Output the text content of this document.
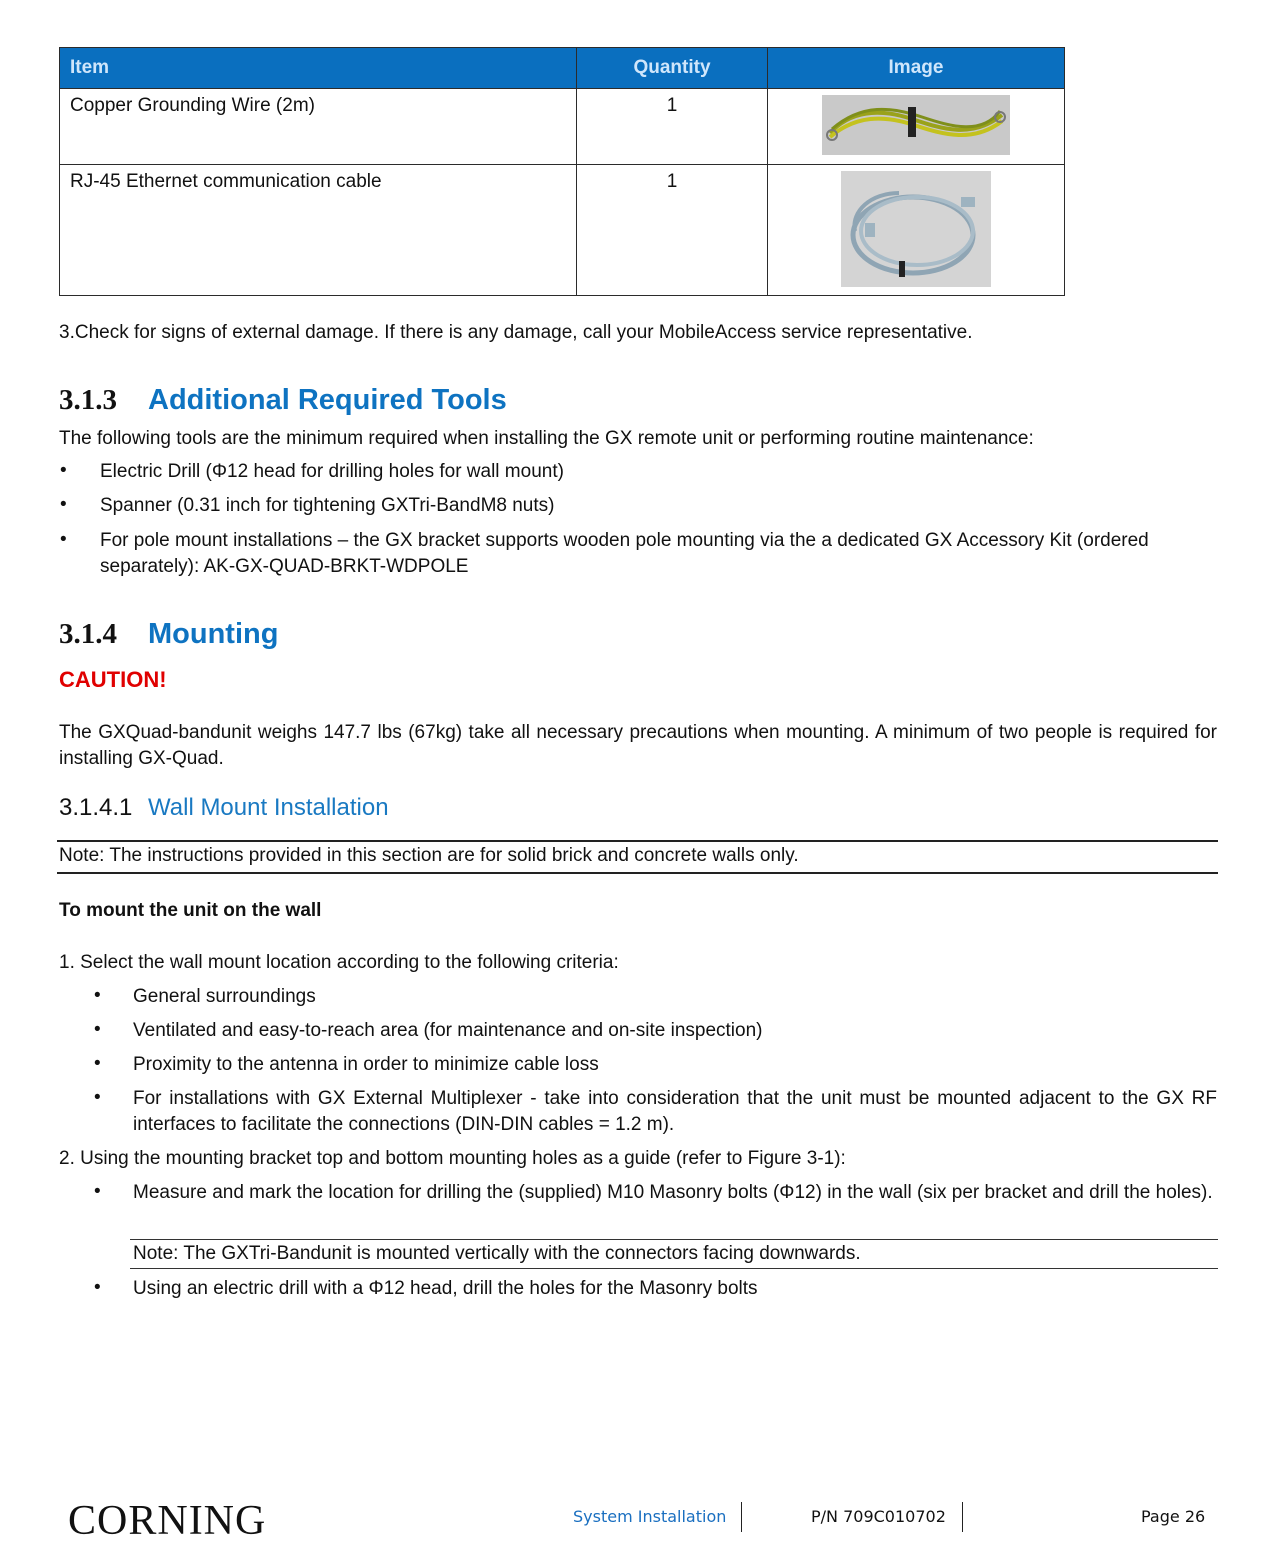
Item	Quantity	Image
Copper Grounding Wire (2m)	1	

RJ-45 Ethernet communication cable	1	
3.Check for signs of external damage. If there is any damage, call your MobileAccess service representative.
3.1.3 Additional Required Tools
The following tools are the minimum required when installing the GX remote unit or performing routine maintenance:
• Electric Drill (Φ12 head for drilling holes for wall mount)
• Spanner (0.31 inch for tightening GXTri-BandM8 nuts)
• For pole mount installations – the GX bracket supports wooden pole mounting via the a dedicated GX Accessory Kit (ordered separately): AK-GX-QUAD-BRKT-WDPOLE
3.1.4 Mounting
CAUTION!
The GXQuad-bandunit weighs 147.7 lbs (67kg) take all necessary precautions when mounting. A minimum of two people is required for installing GX-Quad.
3.1.4.1 Wall Mount Installation
Note: The instructions provided in this section are for solid brick and concrete walls only.
To mount the unit on the wall
1. Select the wall mount location according to the following criteria:
• General surroundings
• Ventilated and easy-to-reach area (for maintenance and on-site inspection)
• Proximity to the antenna in order to minimize cable loss
• For installations with GX External Multiplexer - take into consideration that the unit must be mounted adjacent to the GX RF interfaces to facilitate the connections (DIN-DIN cables = 1.2 m).
2. Using the mounting bracket top and bottom mounting holes as a guide (refer to Figure 3-1):
• Measure and mark the location for drilling the (supplied) M10 Masonry bolts (Φ12) in the wall (six per bracket and drill the holes).
Note: The GXTri-Bandunit is mounted vertically with the connectors facing downwards.
• Using an electric drill with a Φ12 head, drill the holes for the Masonry bolts
CORNING	System Installation	P/N 709C010702	Page 26
